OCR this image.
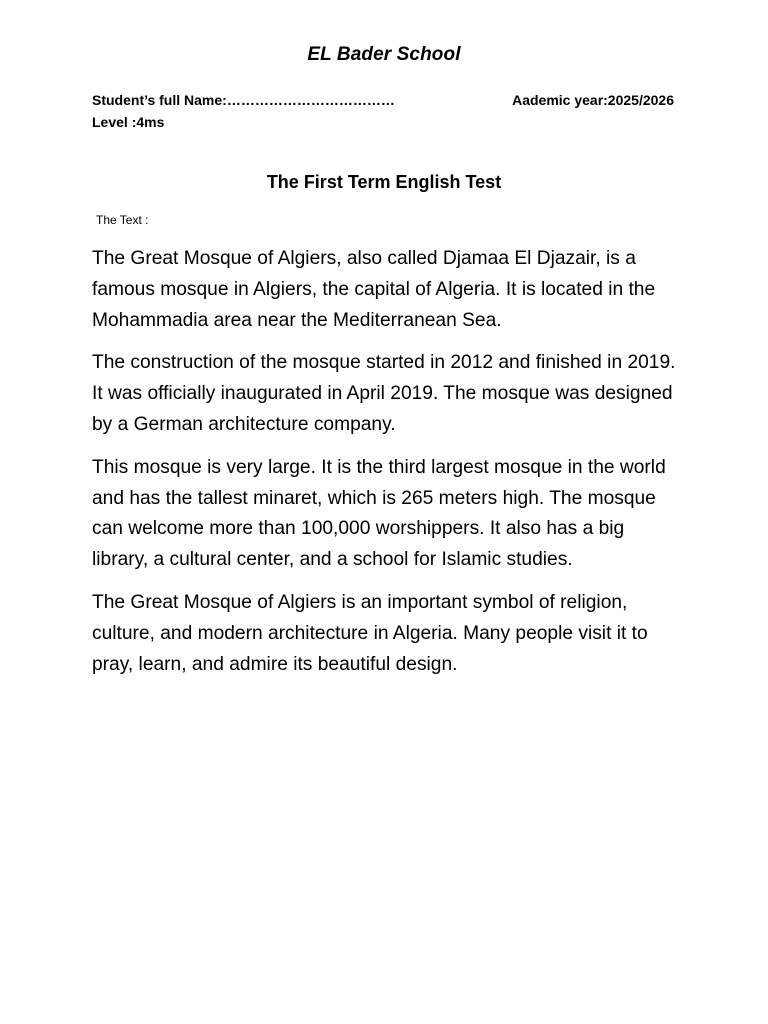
EL Bader School
Student’s full Name:………………………………	Aademic year:2025/2026
Level :4ms
The First Term English Test
The Text :

The Great Mosque of Algiers, also called Djamaa El Djazair, is a famous mosque in Algiers, the capital of Algeria. It is located in the Mohammadia area near the Mediterranean Sea.

The construction of the mosque started in 2012 and finished in 2019. It was officially inaugurated in April 2019. The mosque was designed by a German architecture company.

This mosque is very large. It is the third largest mosque in the world and has the tallest minaret, which is 265 meters high. The mosque can welcome more than 100,000 worshippers. It also has a big library, a cultural center, and a school for Islamic studies.

The Great Mosque of Algiers is an important symbol of religion, culture, and modern architecture in Algeria. Many people visit it to pray, learn, and admire its beautiful design.
